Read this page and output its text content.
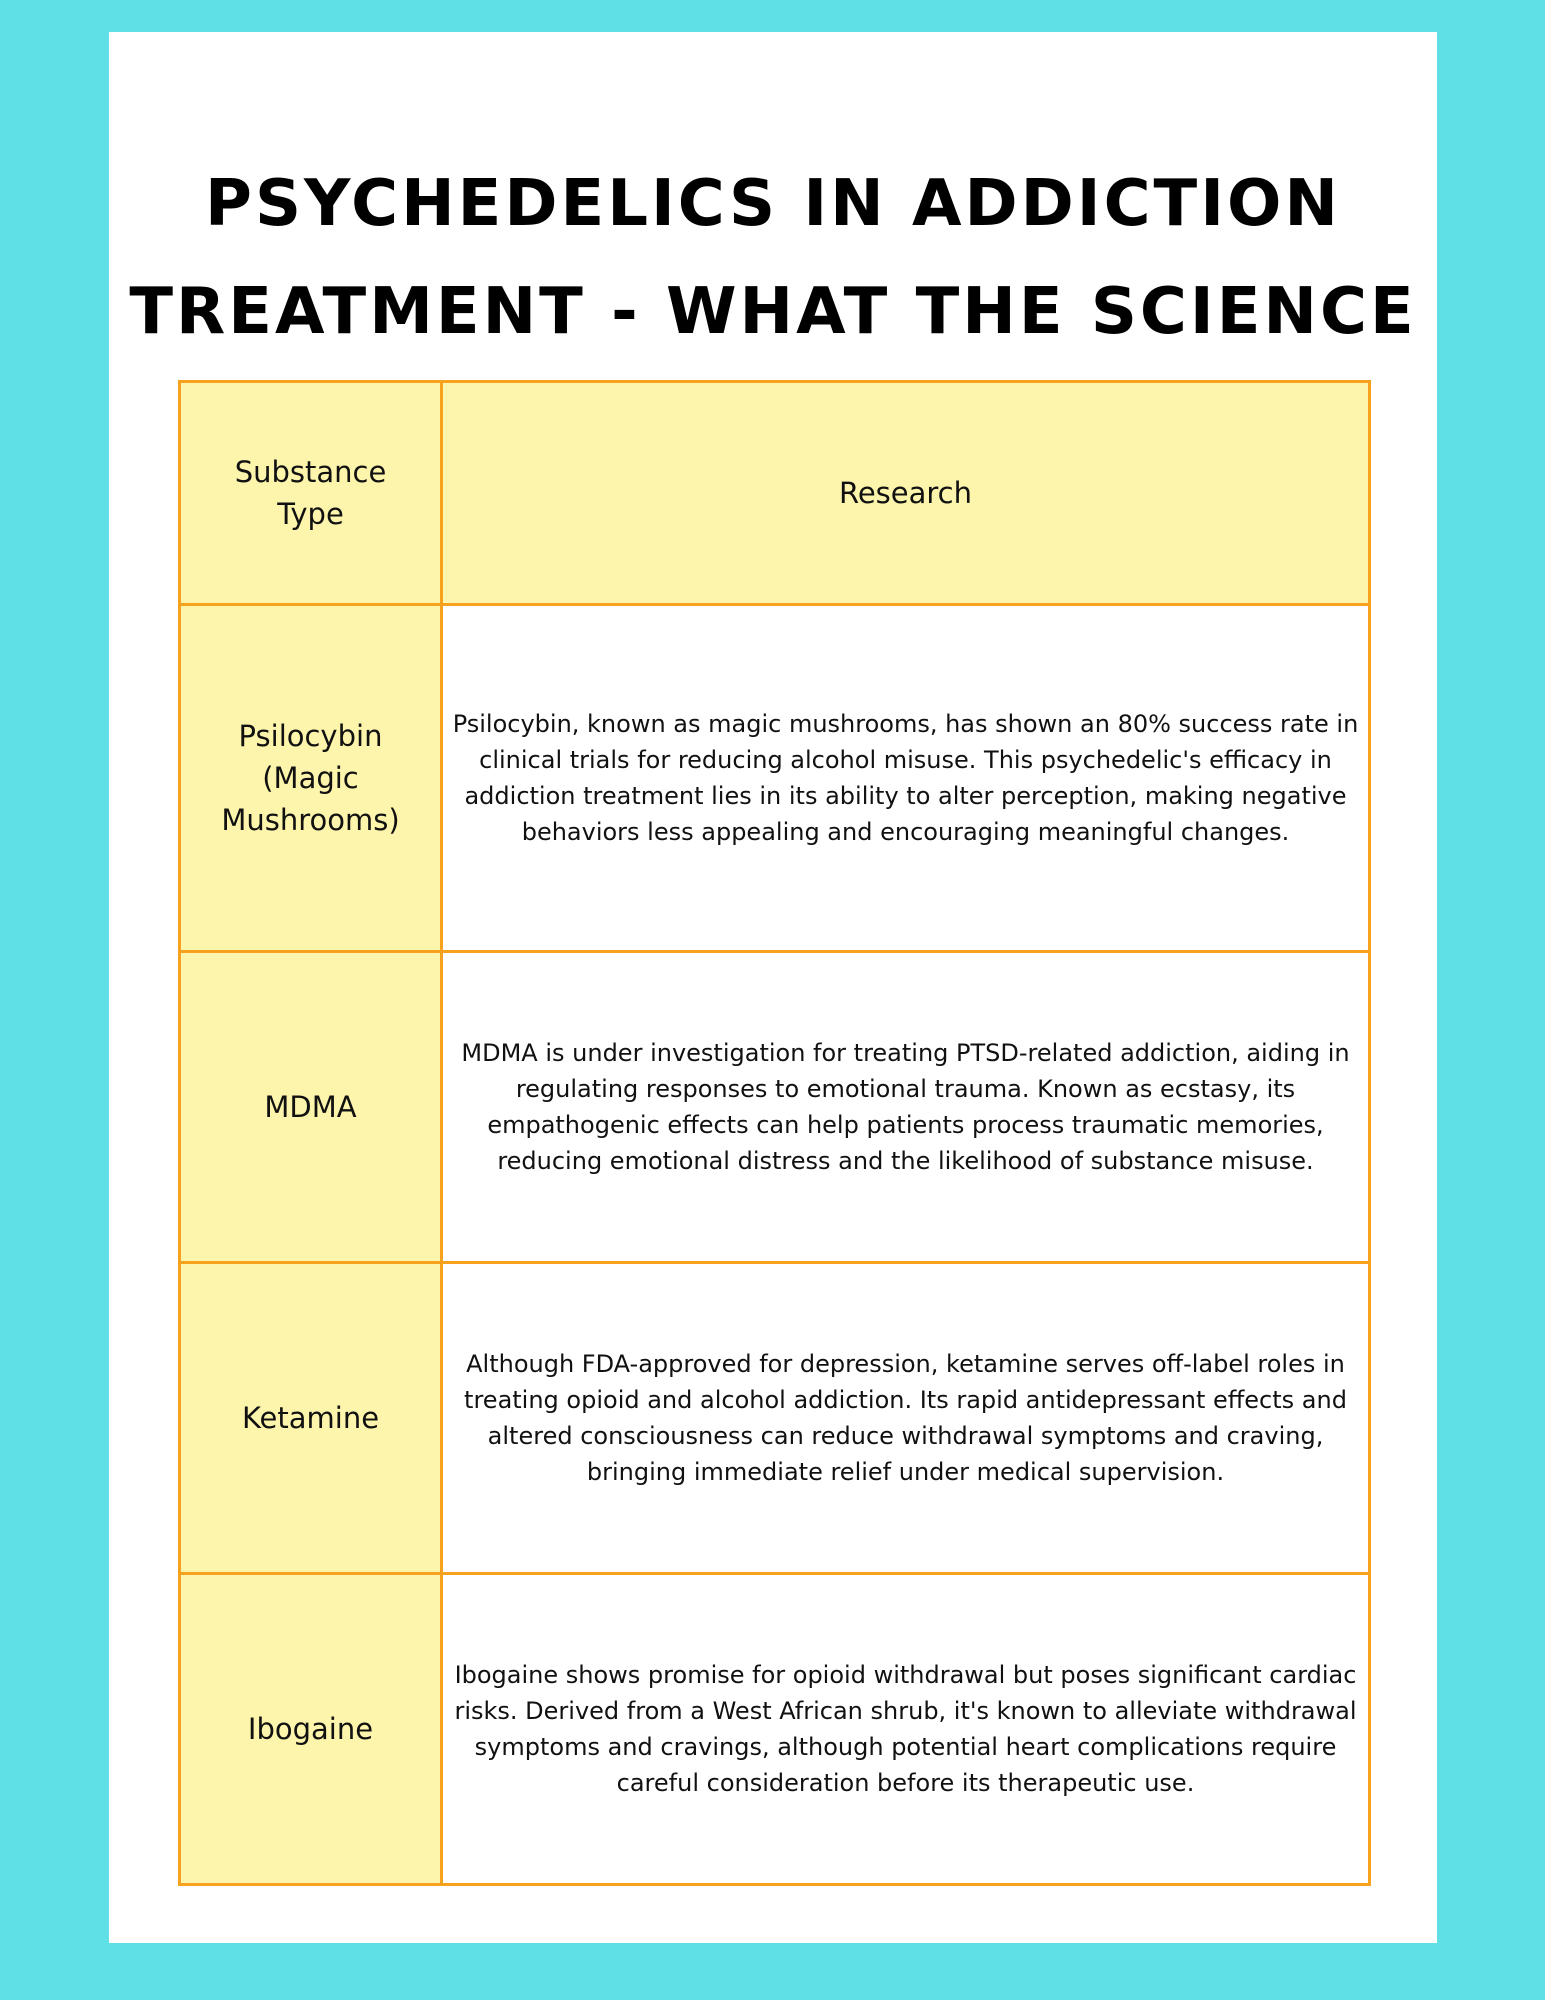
PSYCHEDELICS IN ADDICTION
TREATMENT - WHAT THE SCIENCE
Substance Type	Research
Psilocybin (Magic Mushrooms)	Psilocybin, known as magic mushrooms, has shown an 80% success rate in clinical trials for reducing alcohol misuse. This psychedelic's efficacy in addiction treatment lies in its ability to alter perception, making negative behaviors less appealing and encouraging meaningful changes.
MDMA	MDMA is under investigation for treating PTSD-related addiction, aiding in regulating responses to emotional trauma. Known as ecstasy, its empathogenic effects can help patients process traumatic memories, reducing emotional distress and the likelihood of substance misuse.
Ketamine	Although FDA-approved for depression, ketamine serves off-label roles in treating opioid and alcohol addiction. Its rapid antidepressant effects and altered consciousness can reduce withdrawal symptoms and craving, bringing immediate relief under medical supervision.
Ibogaine	Ibogaine shows promise for opioid withdrawal but poses significant cardiac risks. Derived from a West African shrub, it's known to alleviate withdrawal symptoms and cravings, although potential heart complications require careful consideration before its therapeutic use.
